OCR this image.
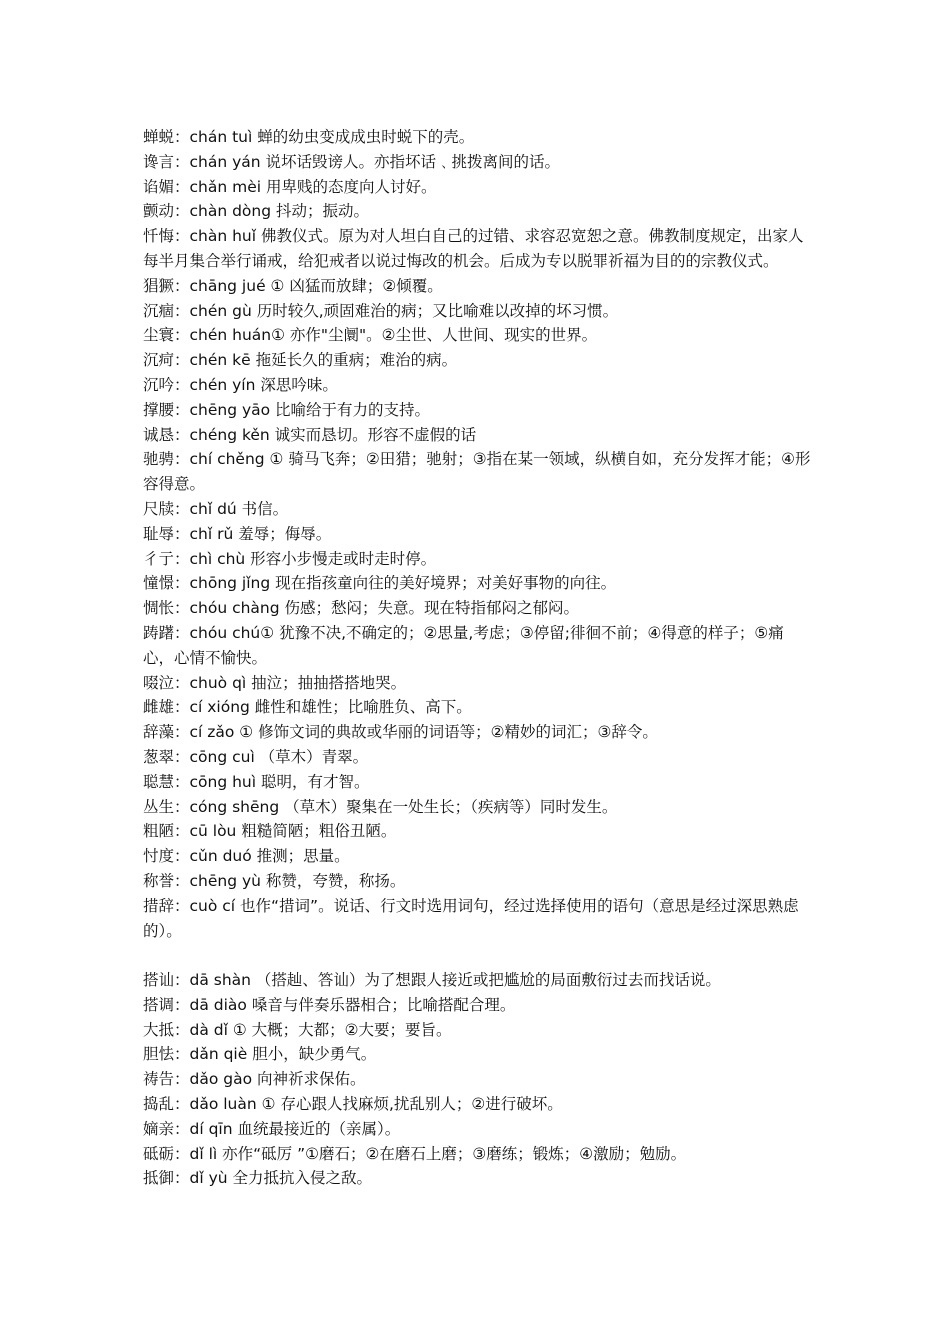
蝉蜕：chán tuì 蝉的幼虫变成成虫时蜕下的壳。

谗言：chán yán 说坏话毁谤人。亦指坏话﹑挑拨离间的话。

谄媚：chǎn mèi 用卑贱的态度向人讨好。

颤动：chàn dòng 抖动；振动。

忏悔：chàn huǐ 佛教仪式。原为对人坦白自己的过错、求容忍宽恕之意。佛教制度规定，出家人每半月集合举行诵戒，给犯戒者以说过悔改的机会。后成为专以脱罪祈福为目的的宗教仪式。

猖獗：chāng jué ① 凶猛而放肆；②倾覆。

沉痼：chén gù 历时较久,顽固难治的病；又比喻难以改掉的坏习惯。

尘寰：chén huán① 亦作"尘阛"。②尘世、人世间、现实的世界。

沉疴：chén kē 拖延长久的重病；难治的病。

沉吟：chén yín 深思吟味。

撑腰：chēng yāo 比喻给于有力的支持。

诚恳：chéng kěn 诚实而恳切。形容不虚假的话

驰骋：chí chěng ① 骑马飞奔；②田猎；驰射；③指在某一领域，纵横自如，充分发挥才能；④形容得意。

尺牍：chǐ dú 书信。

耻辱：chǐ rǔ 羞辱；侮辱。

彳亍：chì chù 形容小步慢走或时走时停。

憧憬：chōng jǐng 现在指孩童向往的美好境界；对美好事物的向往。

惆怅：chóu chàng 伤感；愁闷；失意。现在特指郁闷之郁闷。

踌躇：chóu chú① 犹豫不决,不确定的；②思量,考虑；③停留;徘徊不前；④得意的样子；⑤痛心，心情不愉快。

啜泣：chuò qì 抽泣；抽抽搭搭地哭。

雌雄：cí xióng 雌性和雄性；比喻胜负、高下。

辞藻：cí zǎo ① 修饰文词的典故或华丽的词语等；②精妙的词汇；③辞令。

葱翠：cōng cuì （草木）青翠。

聪慧：cōng huì 聪明，有才智。

丛生：cóng shēng （草木）聚集在一处生长；（疾病等）同时发生。

粗陋：cū lòu 粗糙简陋；粗俗丑陋。

忖度：cǔn duó 推测；思量。

称誉：chēng yù 称赞，夸赞，称扬。

措辞：cuò cí 也作“措词”。说话、行文时选用词句，经过选择使用的语句（意思是经过深思熟虑的）。

搭讪：dā shàn （搭赸、答讪）为了想跟人接近或把尴尬的局面敷衍过去而找话说。

搭调：dā diào 嗓音与伴奏乐器相合；比喻搭配合理。

大抵：dà dǐ ① 大概；大都；②大要；要旨。

胆怯：dǎn qiè 胆小，缺少勇气。

祷告：dǎo gào 向神祈求保佑。

捣乱：dǎo luàn ① 存心跟人找麻烦,扰乱别人；②进行破坏。

嫡亲：dí qīn 血统最接近的（亲属）。

砥砺：dǐ lì 亦作“砥厉 ”①磨石；②在磨石上磨；③磨练；锻炼；④激励；勉励。

抵御：dǐ yù 全力抵抗入侵之敌。
